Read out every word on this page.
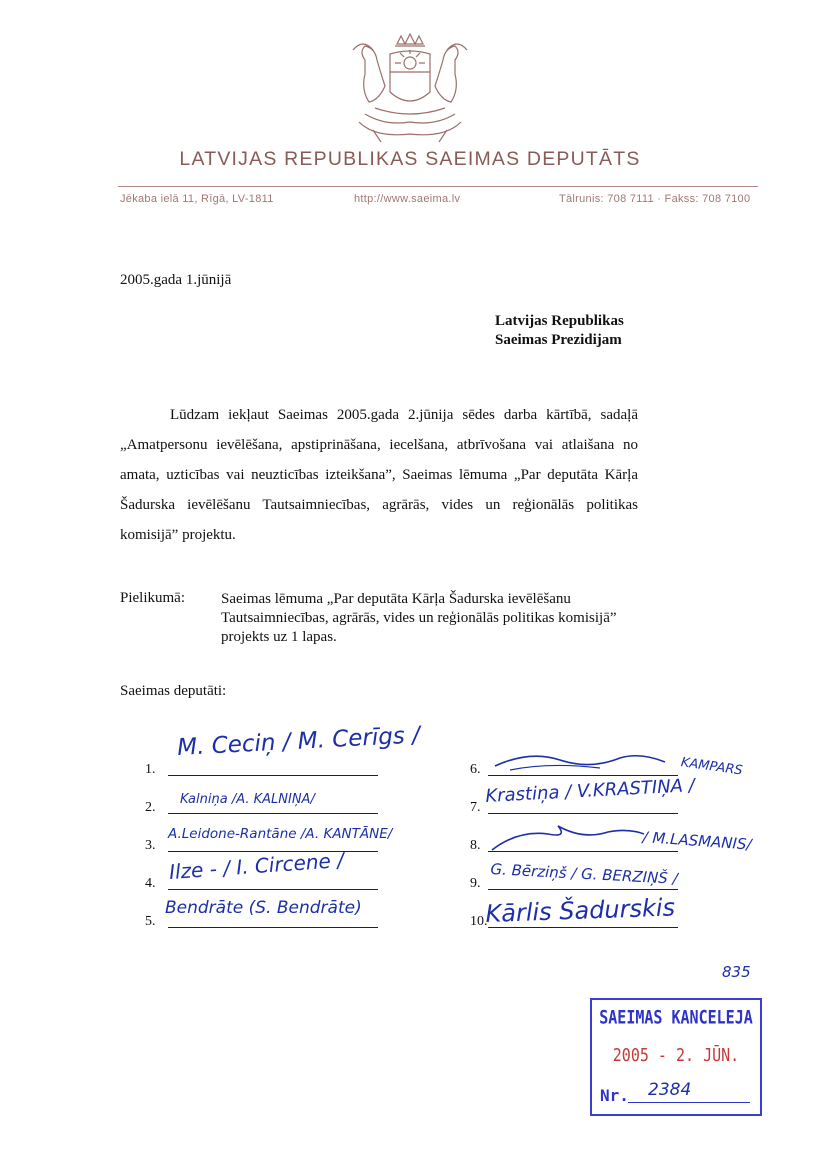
LATVIJAS REPUBLIKAS SAEIMAS DEPUTĀTS
Jēkaba ielā 11, Rīgā, LV-1811	http://www.saeima.lv	Tālrunis: 708 7111 · Fakss: 708 7100
2005.gada 1.jūnijā
Latvijas Republikas
Saeimas Prezidijam

Lūdzam iekļaut Saeimas 2005.gada 2.jūnija sēdes darba kārtībā, sadaļā „Amatpersonu ievēlēšana, apstiprināšana, iecelšana, atbrīvošana vai atlaišana no amata, uzticības vai neuzticības izteikšana”, Saeimas lēmuma „Par deputāta Kārļa Šadurska ievēlēšanu Tautsaimniecības, agrārās, vides un reģionālās politikas komisijā” projektu.

Pielikumā: Saeimas lēmuma „Par deputāta Kārļa Šadurska ievēlēšanu
Tautsaimniecības, agrārās, vides un reģionālās politikas komisijā”
projekts uz 1 lapas.
Saeimas deputāti:
1.
M. Ceciņ / M. Cerīgs /
2.
Kalniņa /A. KALNIŅA/
3.
A.Leidone-Rantāne /A. KANTĀNE/
4. Ilze - / I. Circene /
5.
Bendrāte (S. Bendrāte)
6.	KAMPARS
7.
Krastiņa / V.KRASTIŅA /
8.	/ M.LASMANIS/
9. G. Bērziņš / G. BERZIŅŠ /
10.
Kārlis Šadurskis
835
SAEIMAS KANCELEJA
2005 - 2. JŪN.
Nr. 2384
